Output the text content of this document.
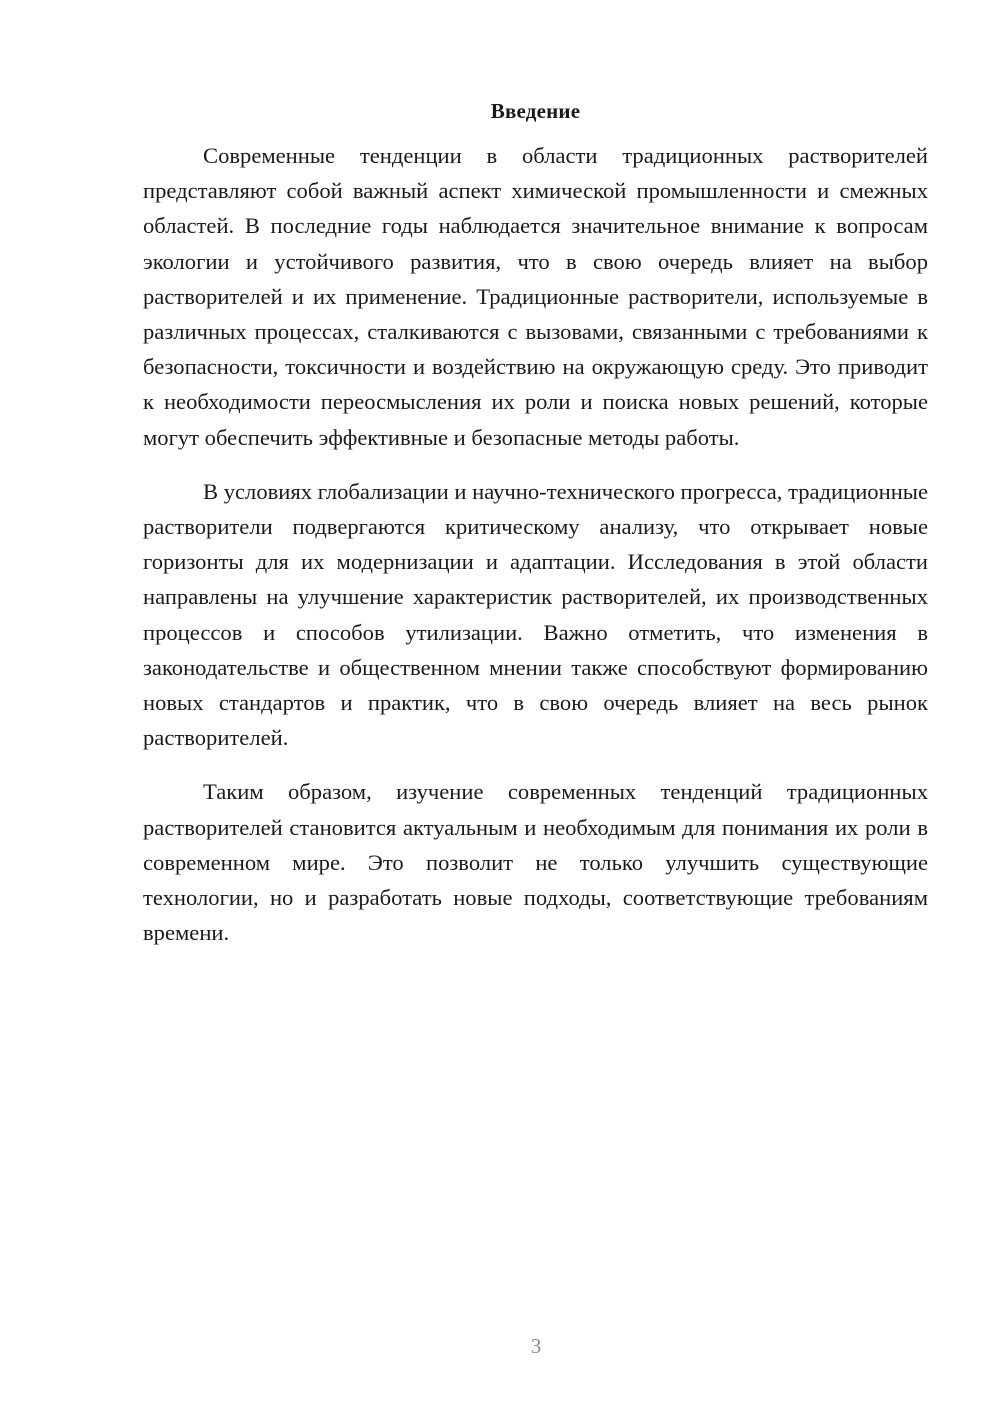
Введение

Современные тенденции в области традиционных растворителей представляют собой важный аспект химической промышленности и смежных областей. В последние годы наблюдается значительное внимание к вопросам экологии и устойчивого развития, что в свою очередь влияет на выбор растворителей и их применение. Традиционные растворители, используемые в различных процессах, сталкиваются с вызовами, связанными с требованиями к безопасности, токсичности и воздействию на окружающую среду. Это приводит к необходимости переосмысления их роли и поиска новых решений, которые могут обеспечить эффективные и безопасные методы работы.

В условиях глобализации и научно-технического прогресса, традиционные растворители подвергаются критическому анализу, что открывает новые горизонты для их модернизации и адаптации. Исследования в этой области направлены на улучшение характеристик растворителей, их производственных процессов и способов утилизации. Важно отметить, что изменения в законодательстве и общественном мнении также способствуют формированию новых стандартов и практик, что в свою очередь влияет на весь рынок растворителей.

Таким образом, изучение современных тенденций традиционных растворителей становится актуальным и необходимым для понимания их роли в современном мире. Это позволит не только улучшить существующие технологии, но и разработать новые подходы, соответствующие требованиям времени.

3
